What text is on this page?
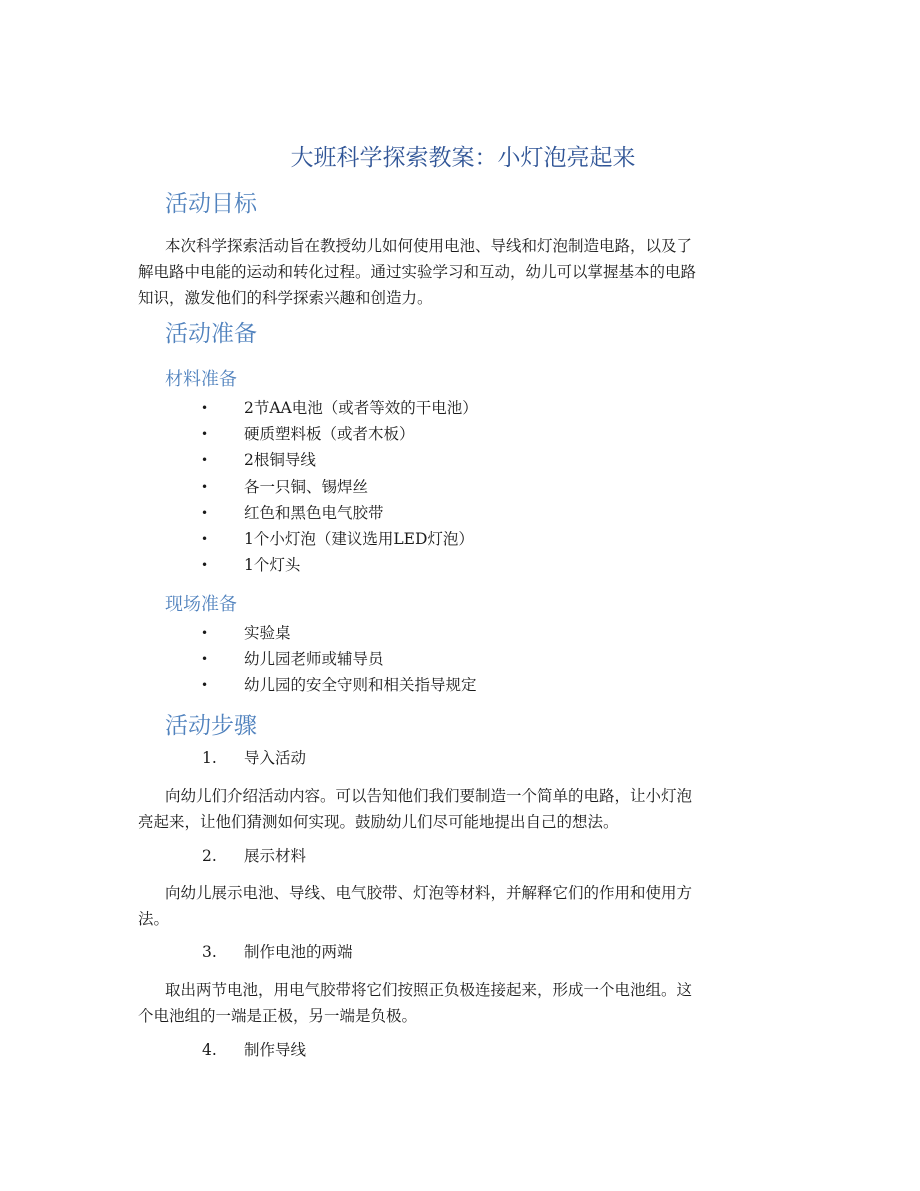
大班科学探索教案：小灯泡亮起来
活动目标
本次科学探索活动旨在教授幼儿如何使用电池、导线和灯泡制造电路，以及了
解电路中电能的运动和转化过程。通过实验学习和互动，幼儿可以掌握基本的电路
知识，激发他们的科学探索兴趣和创造力。
活动准备
材料准备
• 2节AA电池（或者等效的干电池）
• 硬质塑料板（或者木板）
• 2根铜导线
• 各一只铜、锡焊丝
• 红色和黑色电气胶带
• 1个小灯泡（建议选用LED灯泡）
• 1个灯头
现场准备
• 实验桌
• 幼儿园老师或辅导员
• 幼儿园的安全守则和相关指导规定
活动步骤
1. 导入活动
向幼儿们介绍活动内容。可以告知他们我们要制造一个简单的电路，让小灯泡
亮起来，让他们猜测如何实现。鼓励幼儿们尽可能地提出自己的想法。
2. 展示材料
向幼儿展示电池、导线、电气胶带、灯泡等材料，并解释它们的作用和使用方
法。
3. 制作电池的两端
取出两节电池，用电气胶带将它们按照正负极连接起来，形成一个电池组。这
个电池组的一端是正极，另一端是负极。
4. 制作导线
